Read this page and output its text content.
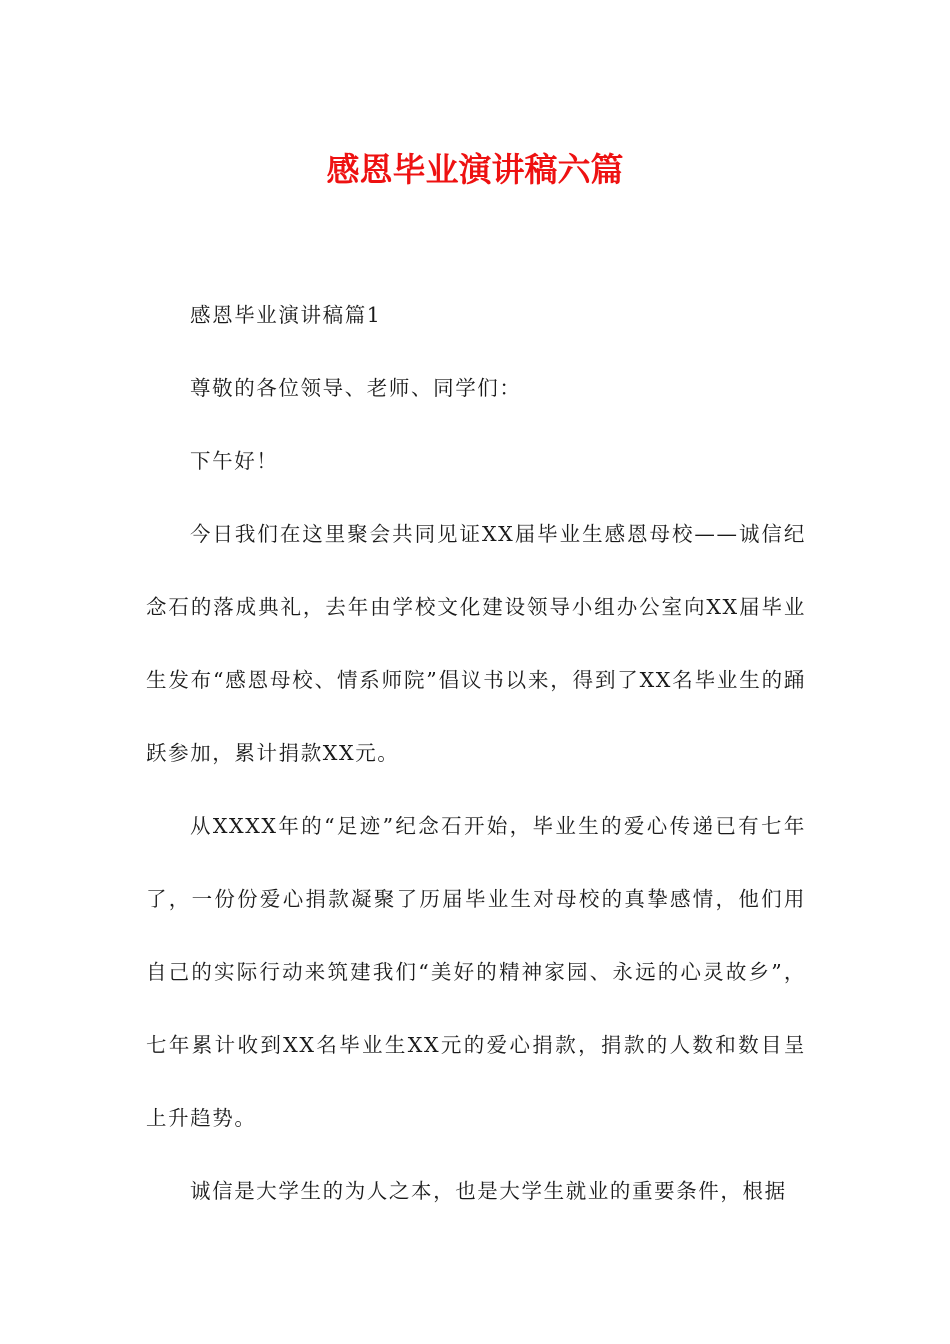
感恩毕业演讲稿六篇

感恩毕业演讲稿篇1

尊敬的各位领导、老师、同学们：

下午好！

今日我们在这里聚会共同见证XX届毕业生感恩母校——诚信纪念石的落成典礼，去年由学校文化建设领导小组办公室向XX届毕业生发布“感恩母校、情系师院”倡议书以来，得到了XX名毕业生的踊跃参加，累计捐款XX元。

从XXXX年的“足迹”纪念石开始，毕业生的爱心传递已有七年了，一份份爱心捐款凝聚了历届毕业生对母校的真挚感情，他们用自己的实际行动来筑建我们“美好的精神家园、永远的心灵故乡”，七年累计收到XX名毕业生XX元的爱心捐款，捐款的人数和数目呈上升趋势。

诚信是大学生的为人之本，也是大学生就业的重要条件，根据
